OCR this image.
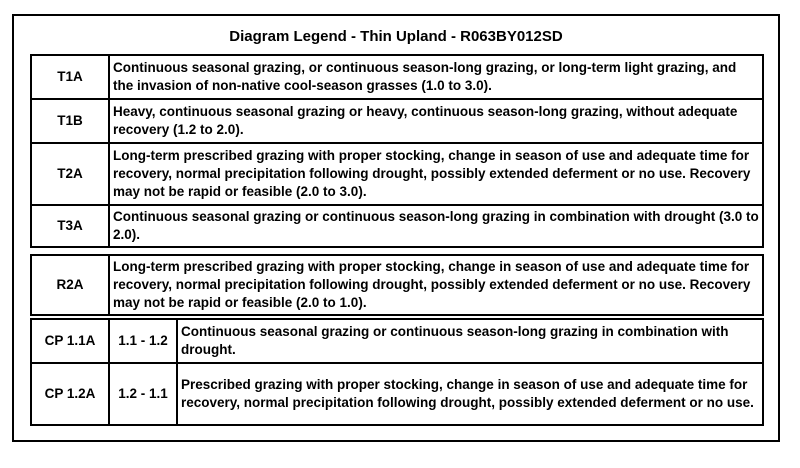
Diagram Legend - Thin Upland - R063BY012SD
T1A	Continuous seasonal grazing, or continuous season-long grazing, or long-term light grazing, and the invasion of non-native cool-season grasses (1.0 to 3.0).
T1B	Heavy, continuous seasonal grazing or heavy, continuous season-long grazing, without adequate recovery (1.2 to 2.0).
T2A	Long-term prescribed grazing with proper stocking, change in season of use and adequate time for recovery, normal precipitation following drought, possibly extended deferment or no use. Recovery may not be rapid or feasible (2.0 to 3.0).
T3A	Continuous seasonal grazing or continuous season-long grazing in combination with drought (3.0 to 2.0).
R2A	Long-term prescribed grazing with proper stocking, change in season of use and adequate time for recovery, normal precipitation following drought, possibly extended deferment or no use. Recovery may not be rapid or feasible (2.0 to 1.0).
CP 1.1A	1.1 - 1.2	Continuous seasonal grazing or continuous season-long grazing in combination with drought.
CP 1.2A	1.2 - 1.1	Prescribed grazing with proper stocking, change in season of use and adequate time for recovery, normal precipitation following drought, possibly extended deferment or no use.
